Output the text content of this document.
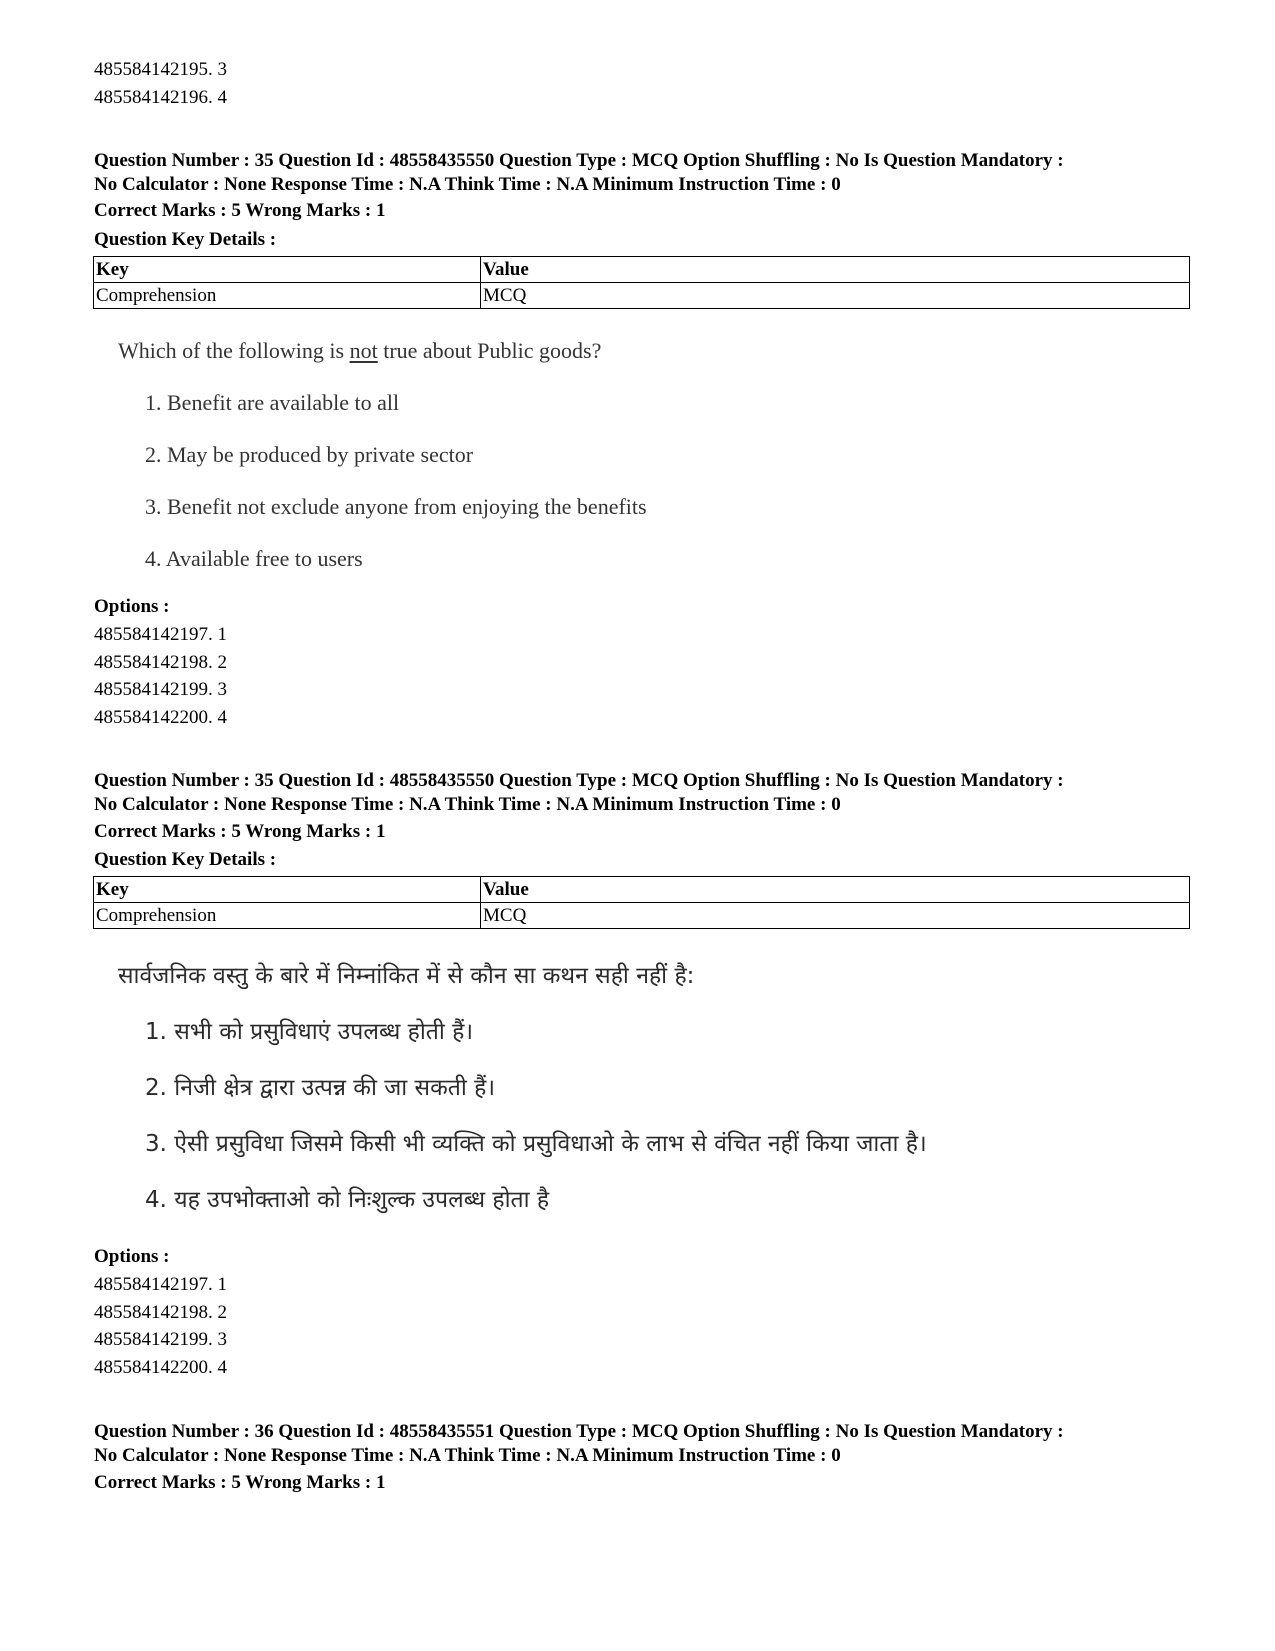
485584142195. 3
485584142196. 4
Question Number : 35 Question Id : 48558435550 Question Type : MCQ Option Shuffling : No Is Question Mandatory :
No Calculator : None Response Time : N.A Think Time : N.A Minimum Instruction Time : 0
Correct Marks : 5 Wrong Marks : 1
Question Key Details :
Key	Value
Comprehension	MCQ
Which of the following is not true about Public goods?
1. Benefit are available to all
2. May be produced by private sector
3. Benefit not exclude anyone from enjoying the benefits
4. Available free to users
Options :
485584142197. 1
485584142198. 2
485584142199. 3
485584142200. 4
Question Number : 35 Question Id : 48558435550 Question Type : MCQ Option Shuffling : No Is Question Mandatory :
No Calculator : None Response Time : N.A Think Time : N.A Minimum Instruction Time : 0
Correct Marks : 5 Wrong Marks : 1
Question Key Details :
Key	Value
Comprehension	MCQ
सार्वजनिक वस्तु के बारे में निम्नांकित में से कौन सा कथन सही नहीं है:
1. सभी को प्रसुविधाएं उपलब्ध होती हैं।
2. निजी क्षेत्र द्वारा उत्पन्न की जा सकती हैं।
3. ऐसी प्रसुविधा जिसमे किसी भी व्यक्ति को प्रसुविधाओ के लाभ से वंचित नहीं किया जाता है।
4. यह उपभोक्ताओ को निःशुल्क उपलब्ध होता है
Options :
485584142197. 1
485584142198. 2
485584142199. 3
485584142200. 4
Question Number : 36 Question Id : 48558435551 Question Type : MCQ Option Shuffling : No Is Question Mandatory :
No Calculator : None Response Time : N.A Think Time : N.A Minimum Instruction Time : 0
Correct Marks : 5 Wrong Marks : 1
